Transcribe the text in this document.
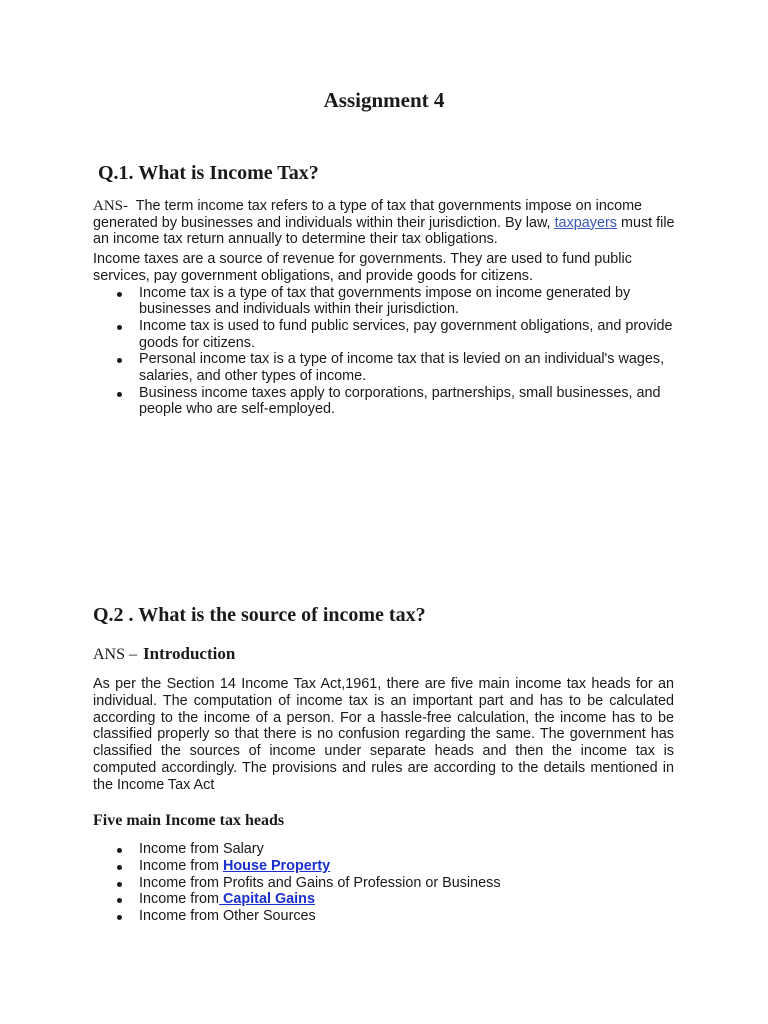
Assignment 4
Q.1. What is Income Tax?

ANS-  The term income tax refers to a type of tax that governments impose on income generated by businesses and individuals within their jurisdiction. By law, taxpayers must file an income tax return annually to determine their tax obligations.

Income taxes are a source of revenue for governments. They are used to fund public services, pay government obligations, and provide goods for citizens.

Income tax is a type of tax that governments impose on income generated by businesses and individuals within their jurisdiction.
Income tax is used to fund public services, pay government obligations, and provide goods for citizens.
Personal income tax is a type of income tax that is levied on an individual's wages, salaries, and other types of income.
Business income taxes apply to corporations, partnerships, small businesses, and people who are self-employed.
Q.2 . What is the source of income tax?
ANS – Introduction

As per the Section 14 Income Tax Act,1961, there are five main income tax heads for an individual. The computation of income tax is an important part and has to be calculated according to the income of a person. For a hassle-free calculation, the income has to be classified properly so that there is no confusion regarding the same. The government has classified the sources of income under separate heads and then the income tax is computed accordingly. The provisions and rules are according to the details mentioned in the Income Tax Act

Five main Income tax heads
Income from Salary
Income from House Property
Income from Profits and Gains of Profession or Business
Income from Capital Gains
Income from Other Sources
